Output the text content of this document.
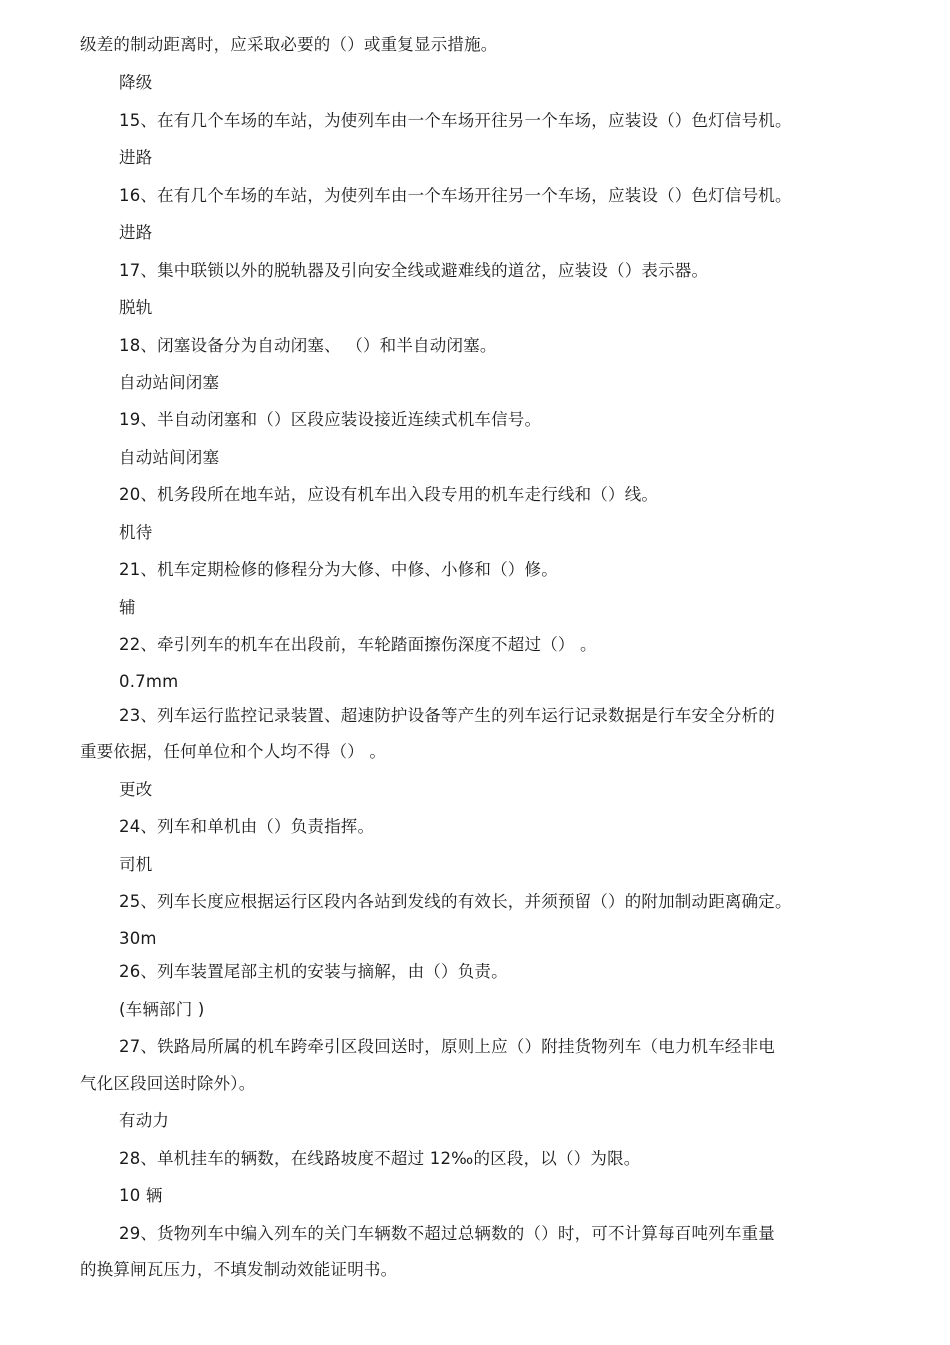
级差的制动距离时，应采取必要的（）或重复显示措施。
降级
15、在有几个车场的车站，为使列车由一个车场开往另一个车场，应装设（）色灯信号机。
进路
16、在有几个车场的车站，为使列车由一个车场开往另一个车场，应装设（）色灯信号机。
进路
17、集中联锁以外的脱轨器及引向安全线或避难线的道岔，应装设（）表示器。
脱轨
18、闭塞设备分为自动闭塞、 （）和半自动闭塞。
自动站间闭塞
19、半自动闭塞和（）区段应装设接近连续式机车信号。
自动站间闭塞
20、机务段所在地车站，应设有机车出入段专用的机车走行线和（）线。
机待
21、机车定期检修的修程分为大修、中修、小修和（）修。
辅
22、牵引列车的机车在出段前，车轮踏面擦伤深度不超过（） 。
0.7mm
23、列车运行监控记录装置、超速防护设备等产生的列车运行记录数据是行车安全分析的
重要依据，任何单位和个人均不得（） 。
更改
24、列车和单机由（）负责指挥。
司机
25、列车长度应根据运行区段内各站到发线的有效长，并须预留（）的附加制动距离确定。
30m
26、列车装置尾部主机的安装与摘解，由（）负责。
(车辆部门 )
27、铁路局所属的机车跨牵引区段回送时，原则上应（）附挂货物列车（电力机车经非电
气化区段回送时除外）。
有动力
28、单机挂车的辆数，在线路坡度不超过 12‰的区段，以（）为限。
10 辆
29、货物列车中编入列车的关门车辆数不超过总辆数的（）时，可不计算每百吨列车重量
的换算闸瓦压力，不填发制动效能证明书。
